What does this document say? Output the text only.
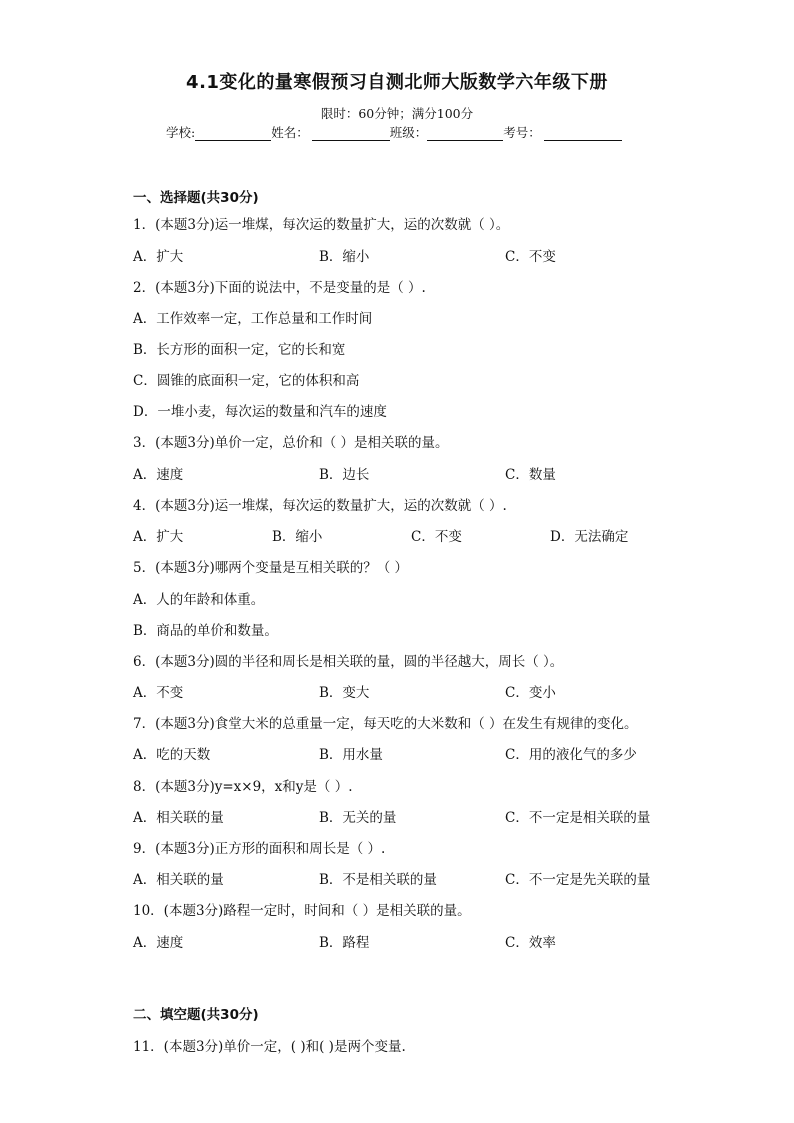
4.1变化的量寒假预习自测北师大版数学六年级下册
限时：60分钟；满分100分
学校:	姓名：	班级：	考号：
一、选择题(共30分)
1．(本题3分)运一堆煤，每次运的数量扩大，运的次数就（ ）。
A．扩大	B．缩小	C．不变
2．(本题3分)下面的说法中，不是变量的是（ ）.
A．工作效率一定，工作总量和工作时间
B．长方形的面积一定，它的长和宽
C．圆锥的底面积一定，它的体积和高
D．一堆小麦，每次运的数量和汽车的速度
3．(本题3分)单价一定，总价和（ ）是相关联的量。
A．速度	B．边长	C．数量
4．(本题3分)运一堆煤，每次运的数量扩大，运的次数就（ ）.
A．扩大	B．缩小	C．不变	D．无法确定
5．(本题3分)哪两个变量是互相关联的？（ ）
A．人的年龄和体重。
B．商品的单价和数量。
6．(本题3分)圆的半径和周长是相关联的量，圆的半径越大，周长（ ）。
A．不变	B．变大	C．变小
7．(本题3分)食堂大米的总重量一定，每天吃的大米数和（ ）在发生有规律的变化。
A．吃的天数	B．用水量	C．用的液化气的多少
8．(本题3分)y=x×9，x和y是（ ）.
A．相关联的量	B．无关的量	C．不一定是相关联的量
9．(本题3分)正方形的面积和周长是（ ）.
A．相关联的量	B．不是相关联的量	C．不一定是先关联的量
10．(本题3分)路程一定时，时间和（ ）是相关联的量。
A．速度	B．路程	C．效率
二、填空题(共30分)
11．(本题3分)单价一定，( )和( )是两个变量.
